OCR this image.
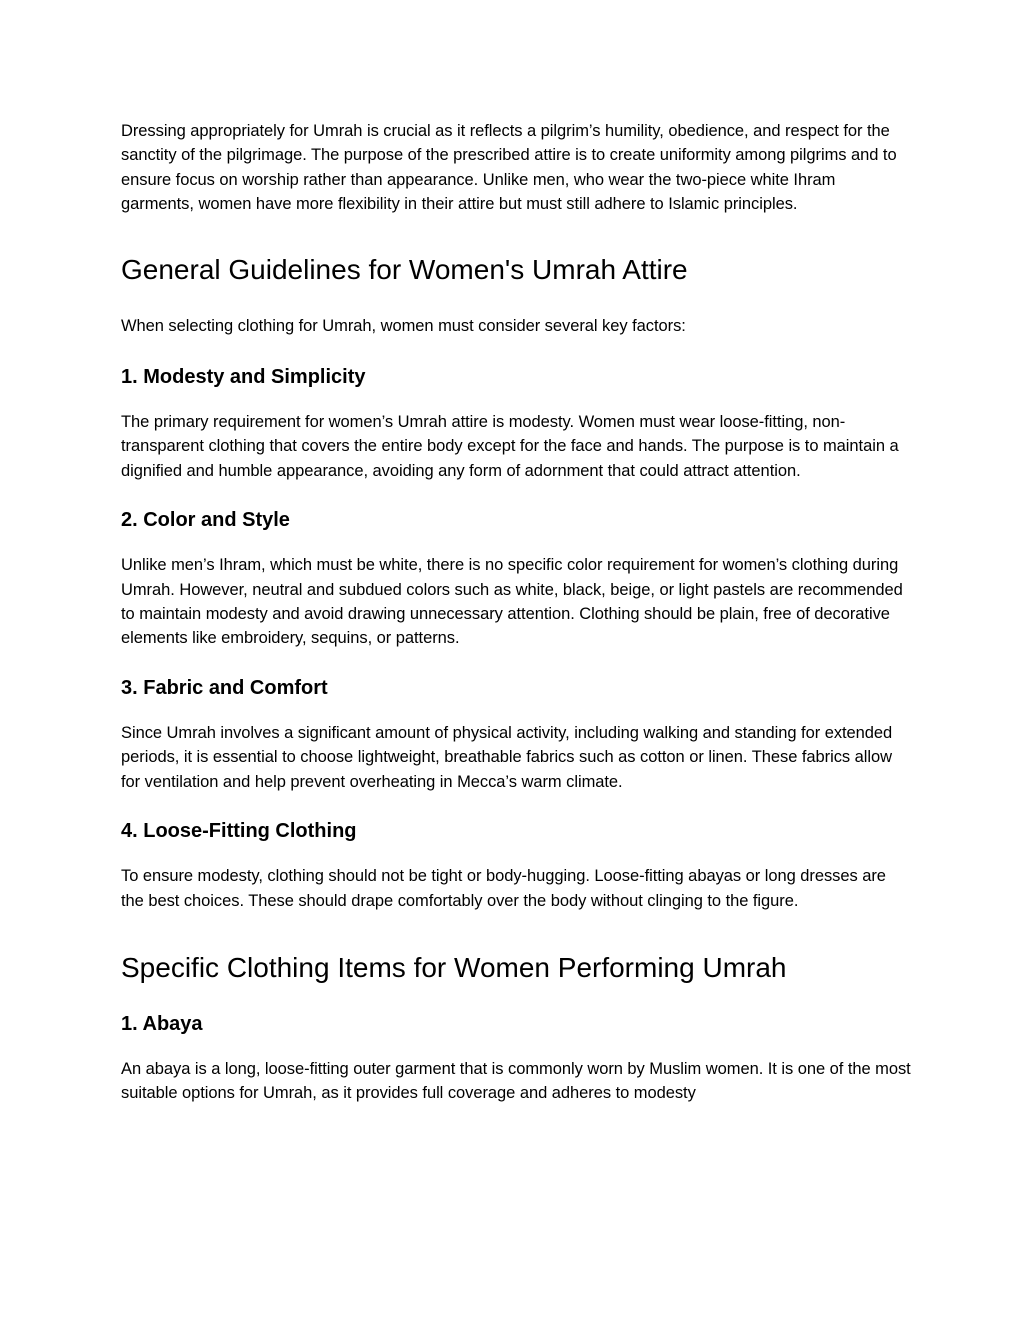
Dressing appropriately for Umrah is crucial as it reflects a pilgrim’s humility, obedience, and respect for the sanctity of the pilgrimage. The purpose of the prescribed attire is to create uniformity among pilgrims and to ensure focus on worship rather than appearance. Unlike men, who wear the two-piece white Ihram garments, women have more flexibility in their attire but must still adhere to Islamic principles.

General Guidelines for Women's Umrah Attire

When selecting clothing for Umrah, women must consider several key factors:

1. Modesty and Simplicity

The primary requirement for women’s Umrah attire is modesty. Women must wear loose-fitting, non-transparent clothing that covers the entire body except for the face and hands. The purpose is to maintain a dignified and humble appearance, avoiding any form of adornment that could attract attention.

2. Color and Style

Unlike men’s Ihram, which must be white, there is no specific color requirement for women’s clothing during Umrah. However, neutral and subdued colors such as white, black, beige, or light pastels are recommended to maintain modesty and avoid drawing unnecessary attention. Clothing should be plain, free of decorative elements like embroidery, sequins, or patterns.

3. Fabric and Comfort

Since Umrah involves a significant amount of physical activity, including walking and standing for extended periods, it is essential to choose lightweight, breathable fabrics such as cotton or linen. These fabrics allow for ventilation and help prevent overheating in Mecca’s warm climate.

4. Loose-Fitting Clothing

To ensure modesty, clothing should not be tight or body-hugging. Loose-fitting abayas or long dresses are the best choices. These should drape comfortably over the body without clinging to the figure.

Specific Clothing Items for Women Performing Umrah
1. Abaya

An abaya is a long, loose-fitting outer garment that is commonly worn by Muslim women. It is one of the most suitable options for Umrah, as it provides full coverage and adheres to modesty
